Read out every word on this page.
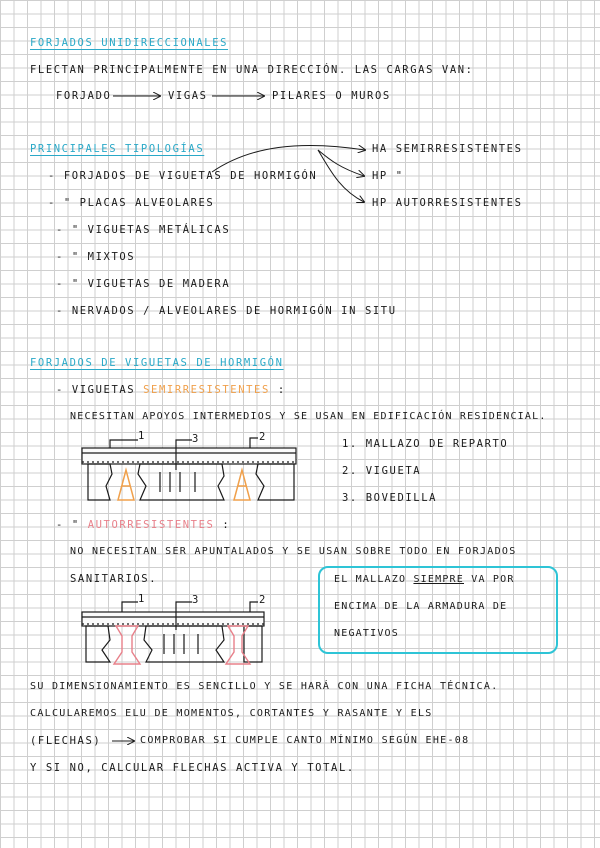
FORJADOS UNIDIRECCIONALES
FLECTAN PRINCIPALMENTE EN UNA DIRECCIÓN. LAS CARGAS VAN:
FORJADO	VIGAS	PILARES O MUROS
PRINCIPALES TIPOLOGÍAS
- FORJADOS DE VIGUETAS DE HORMIGÓN
- " PLACAS ALVEOLARES
- " VIGUETAS METÁLICAS
- " MIXTOS
- " VIGUETAS DE MADERA
- NERVADOS / ALVEOLARES DE HORMIGÓN IN SITU
HA SEMIRRESISTENTES
HP "
HP AUTORRESISTENTES
FORJADOS DE VIGUETAS DE HORMIGÓN
- VIGUETAS SEMIRRESISTENTES :
NECESITAN APOYOS INTERMEDIOS Y SE USAN EN EDIFICACIÓN RESIDENCIAL.
1. MALLAZO DE REPARTO
2. VIGUETA
3. BOVEDILLA
1	3	2
- " AUTORRESISTENTES :
NO NECESITAN SER APUNTALADOS Y SE USAN SOBRE TODO EN FORJADOS
SANITARIOS.
1	3	2
EL MALLAZO SIEMPRE VA POR
ENCIMA DE LA ARMADURA DE
NEGATIVOS
SU DIMENSIONAMIENTO ES SENCILLO Y SE HARÁ CON UNA FICHA TÉCNICA.
CALCULAREMOS ELU DE MOMENTOS, CORTANTES Y RASANTE Y ELS
(FLECHAS)	COMPROBAR SI CUMPLE CANTO MÍNIMO SEGÚN EHE-08
Y SI NO, CALCULAR FLECHAS ACTIVA Y TOTAL.
